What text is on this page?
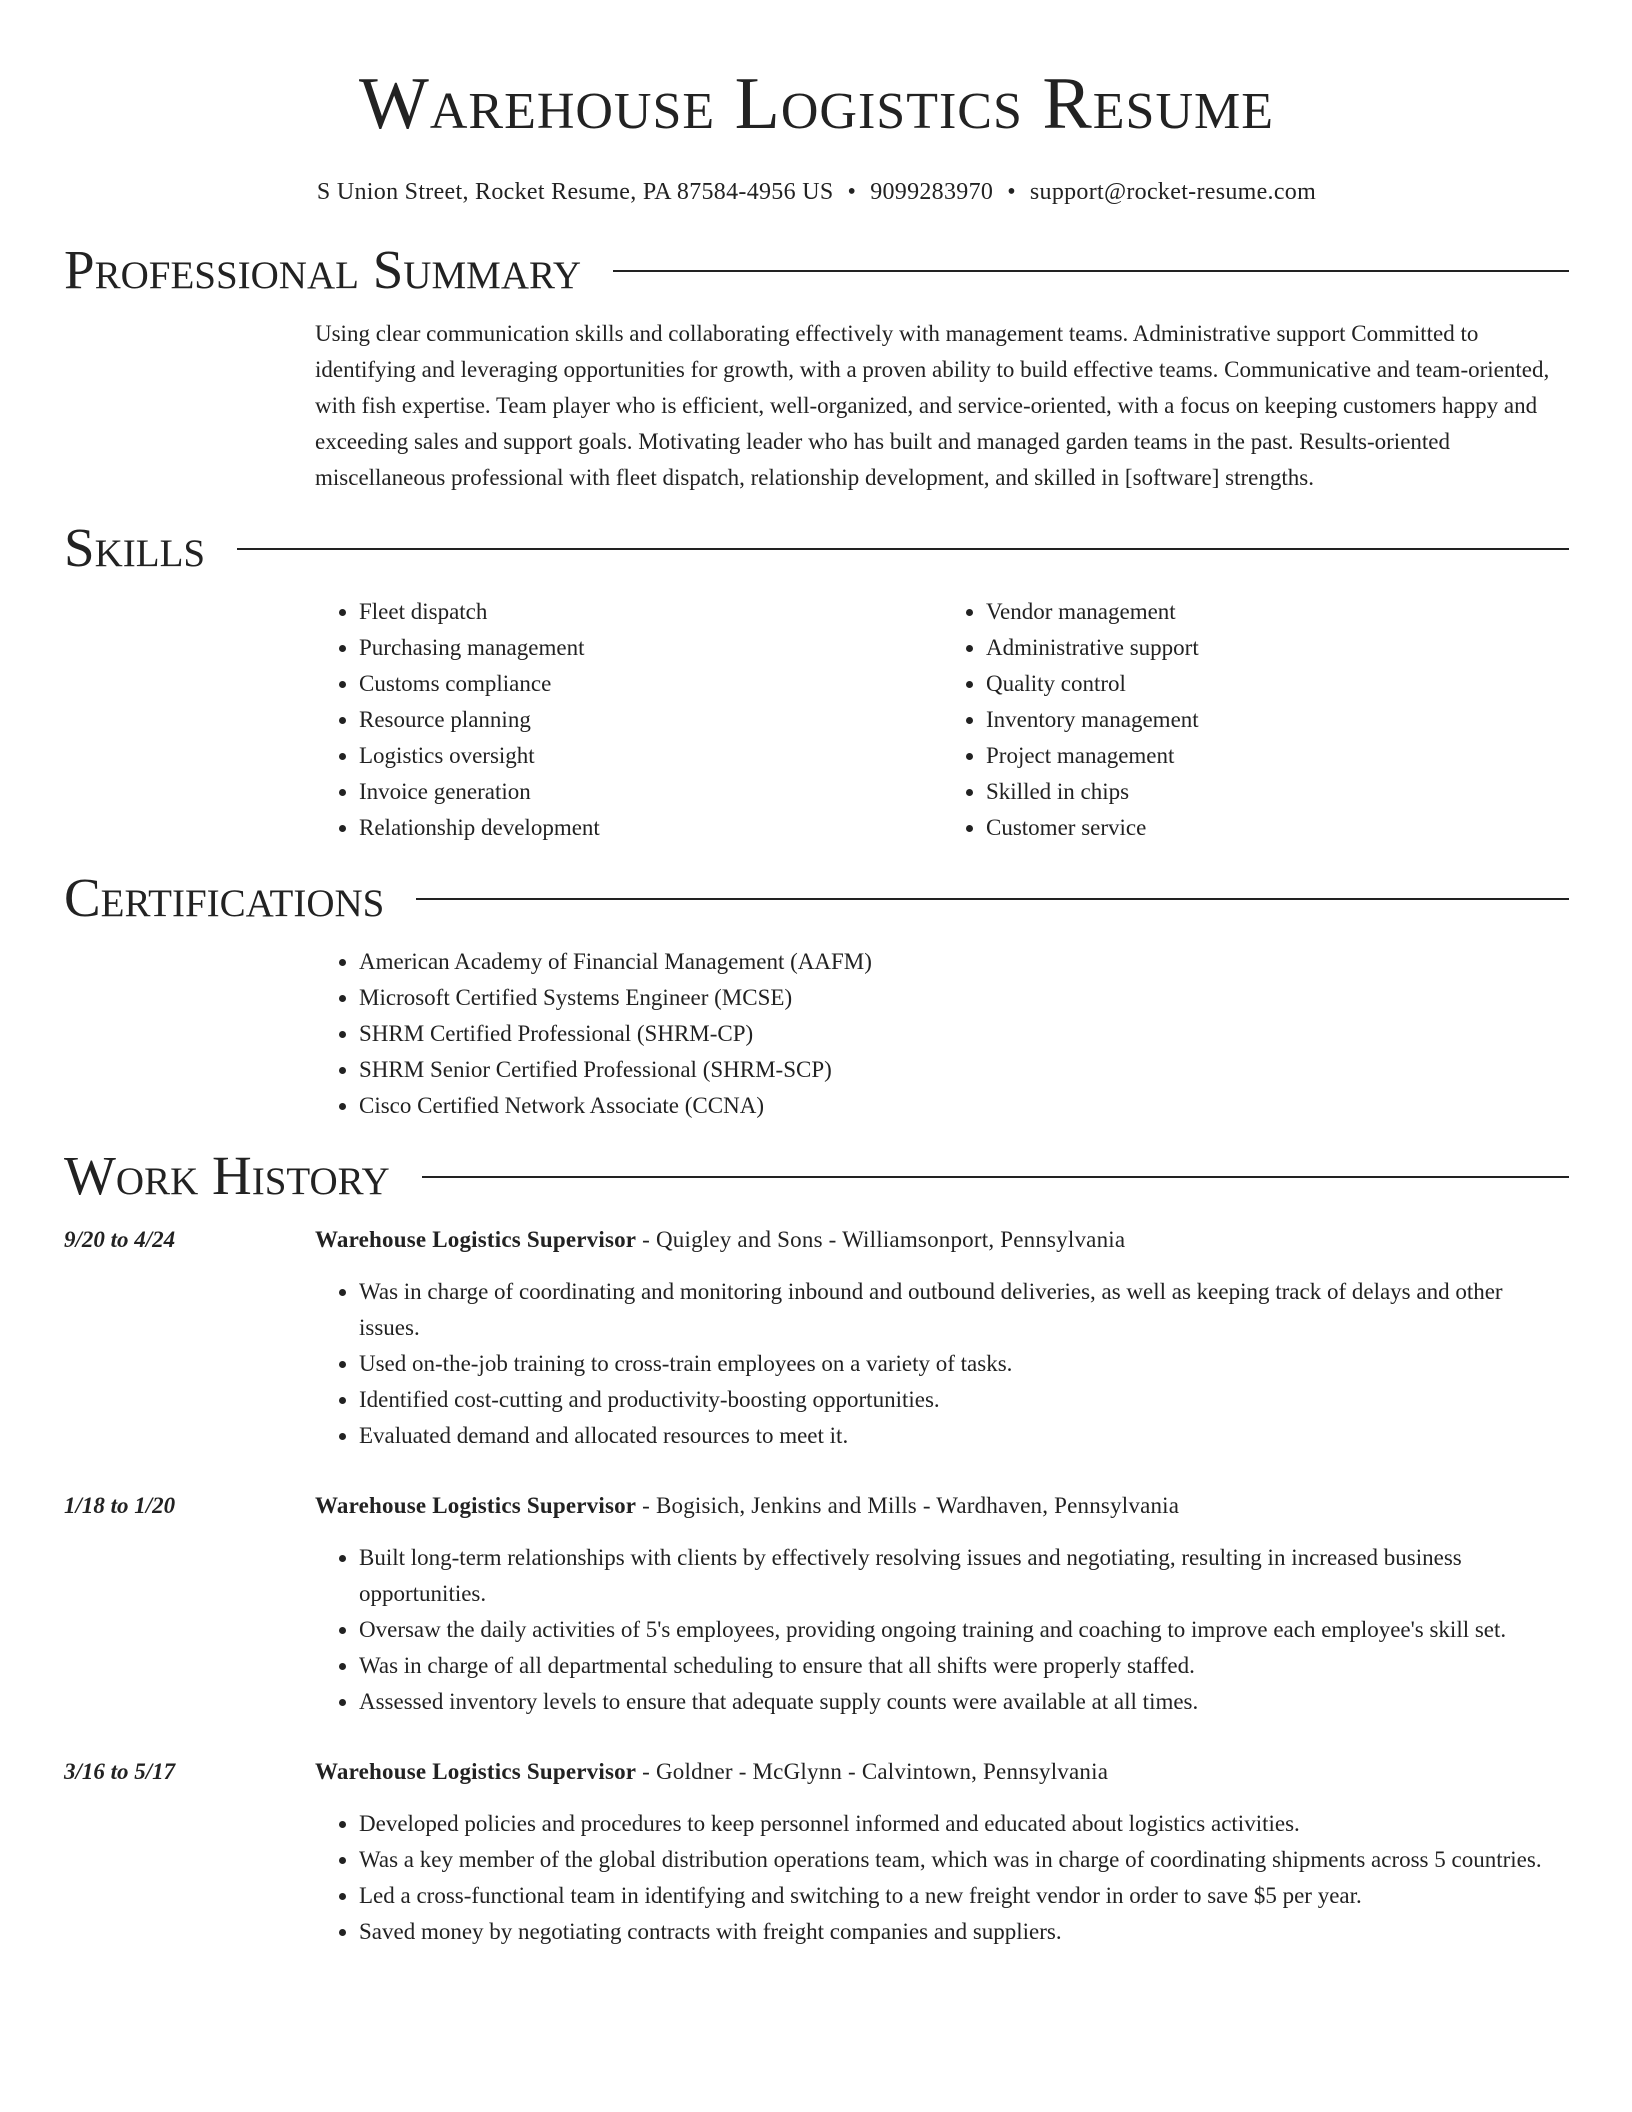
Warehouse Logistics Resume
S Union Street, Rocket Resume, PA 87584-4956 US • 9099283970 • support@rocket-resume.com
Professional Summary

Using clear communication skills and collaborating effectively with management teams. Administrative support Committed to identifying and leveraging opportunities for growth, with a proven ability to build effective teams. Communicative and team-oriented, with fish expertise. Team player who is efficient, well-organized, and service-oriented, with a focus on keeping customers happy and exceeding sales and support goals. Motivating leader who has built and managed garden teams in the past. Results-oriented miscellaneous professional with fleet dispatch, relationship development, and skilled in [software] strengths.

Skills
• Fleet dispatch
• Purchasing management
• Customs compliance
• Resource planning
• Logistics oversight
• Invoice generation
• Relationship development
• Vendor management
• Administrative support
• Quality control
• Inventory management
• Project management
• Skilled in chips
• Customer service
Certifications
• American Academy of Financial Management (AAFM)
• Microsoft Certified Systems Engineer (MCSE)
• SHRM Certified Professional (SHRM-CP)
• SHRM Senior Certified Professional (SHRM-SCP)
• Cisco Certified Network Associate (CCNA)
Work History
9/20 to 4/24	Warehouse Logistics Supervisor - Quigley and Sons - Williamsonport, Pennsylvania
• Was in charge of coordinating and monitoring inbound and outbound deliveries, as well as keeping track of delays and other issues.
• Used on-the-job training to cross-train employees on a variety of tasks.
• Identified cost-cutting and productivity-boosting opportunities.
• Evaluated demand and allocated resources to meet it.
1/18 to 1/20	Warehouse Logistics Supervisor - Bogisich, Jenkins and Mills - Wardhaven, Pennsylvania
• Built long-term relationships with clients by effectively resolving issues and negotiating, resulting in increased business opportunities.
• Oversaw the daily activities of 5's employees, providing ongoing training and coaching to improve each employee's skill set.
• Was in charge of all departmental scheduling to ensure that all shifts were properly staffed.
• Assessed inventory levels to ensure that adequate supply counts were available at all times.
3/16 to 5/17	Warehouse Logistics Supervisor - Goldner - McGlynn - Calvintown, Pennsylvania
• Developed policies and procedures to keep personnel informed and educated about logistics activities.
• Was a key member of the global distribution operations team, which was in charge of coordinating shipments across 5 countries.
• Led a cross-functional team in identifying and switching to a new freight vendor in order to save $5 per year.
• Saved money by negotiating contracts with freight companies and suppliers.
